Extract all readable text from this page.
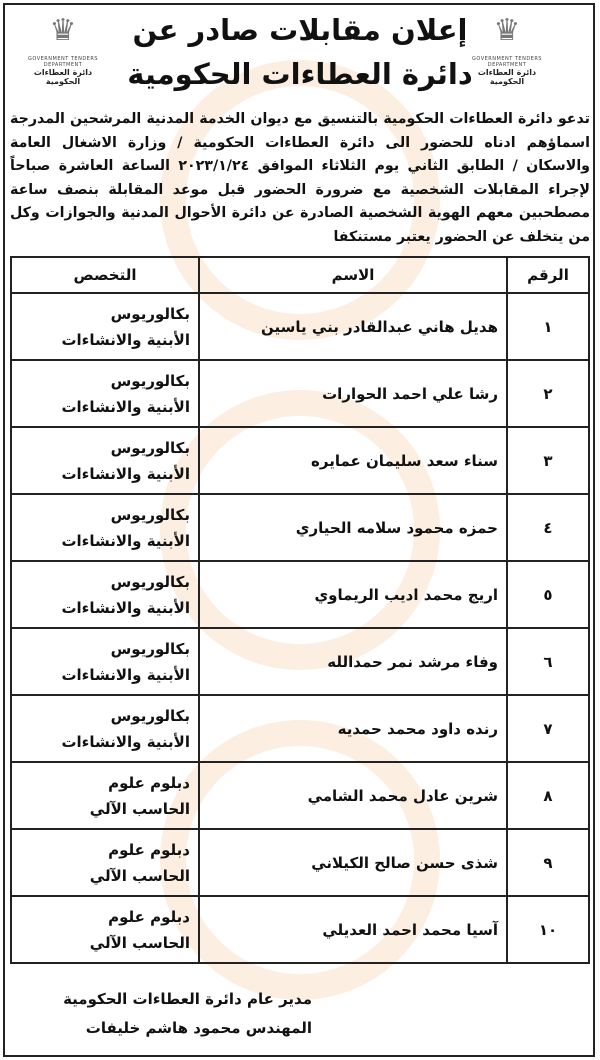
♛
GOVERNMENT TENDERS DEPARTMENT
دائرة العطاءات الحكومية
إعلان مقابلات صادر عن
دائرة العطاءات الحكومية
♛
GOVERNMENT TENDERS DEPARTMENT
دائرة العطاءات الحكومية
تدعو دائرة العطاءات الحكومية بالتنسيق مع ديوان الخدمة المدنية المرشحين المدرجة اسماؤهم ادناه للحضور الى دائرة العطاءات الحكومية / وزارة الاشغال العامة والاسكان / الطابق الثاني يوم الثلاثاء الموافق ٢٠٢٣/١/٢٤ الساعة العاشرة صباحاً لإجراء المقابلات الشخصية مع ضرورة الحضور قبل موعد المقابلة بنصف ساعة مصطحبين معهم الهوية الشخصية الصادرة عن دائرة الأحوال المدنية والجوازات وكل من يتخلف عن الحضور يعتبر مستنكفا
الرقم	الاسم	التخصص
١	هديل هاني عبدالقادر بني ياسين	بكالوريوس
الأبنية والانشاءات

٢	رشا علي احمد الحوارات	بكالوريوس
الأبنية والانشاءات

٣	سناء سعد سليمان عمايره	بكالوريوس
الأبنية والانشاءات

٤	حمزه محمود سلامه الحياري	بكالوريوس
الأبنية والانشاءات

٥	اريج محمد اديب الريماوي	بكالوريوس
الأبنية والانشاءات

٦	وفاء مرشد نمر حمدالله	بكالوريوس
الأبنية والانشاءات

٧	رنده داود محمد حمديه	بكالوريوس
الأبنية والانشاءات

٨	شرين عادل محمد الشامي	دبلوم علوم
الحاسب الآلي

٩	شذى حسن صالح الكيلاني	دبلوم علوم
الحاسب الآلي

١٠	آسيا محمد احمد العديلي	دبلوم علوم
الحاسب الآلي
مدير عام دائرة العطاءات الحكومية
المهندس محمود هاشم خليفات
